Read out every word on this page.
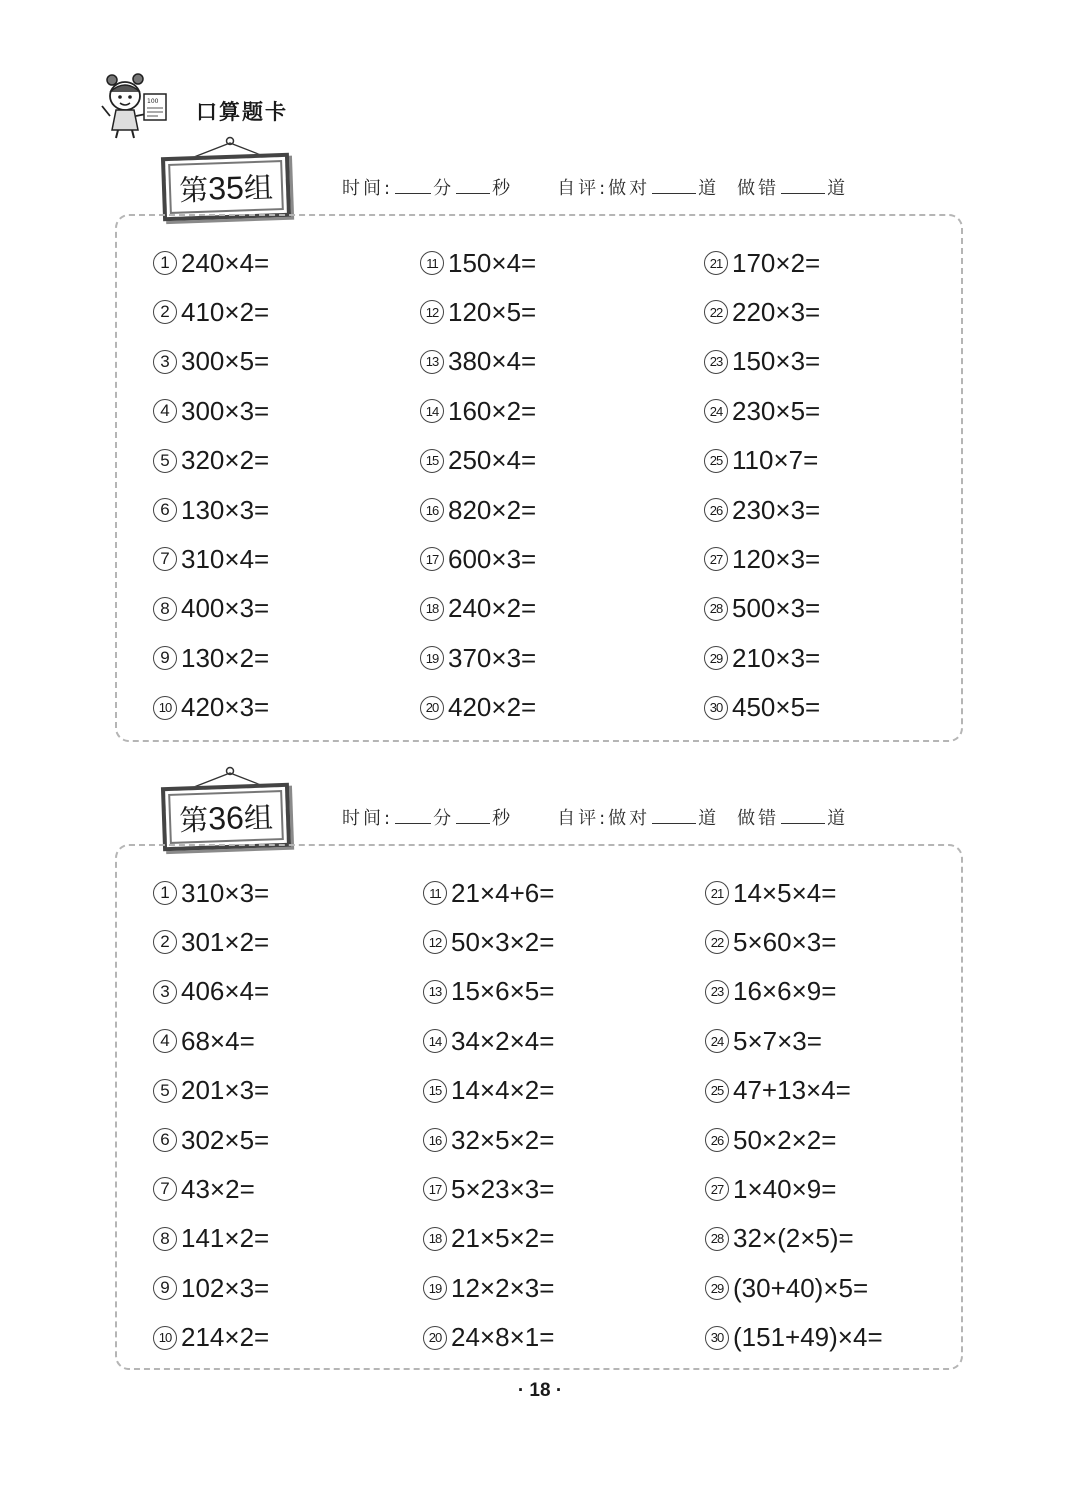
100 口算题卡
第35组	时间: 分 秒 自评:做对	道 做错	道
1 240×4=
2 410×2=
3 300×5=
4 300×3=
5 320×2=
6 130×3=
7 310×4=
8 400×3=
9 130×2=
10 420×3=
11 150×4=
12 120×5=
13 380×4=
14 160×2=
15 250×4=
16 820×2=
17 600×3=
18 240×2=
19 370×3=
20 420×2=
21 170×2=
22 220×3=
23 150×3=
24 230×5=
25 110×7=
26 230×3=
27 120×3=
28 500×3=
29 210×3=
30 450×5=
第36组	时间: 分 秒 自评:做对	道 做错	道
1 310×3=
2 301×2=
3 406×4=
4 68×4=
5 201×3=
6 302×5=
7 43×2=
8 141×2=
9 102×3=
10 214×2=
11 21×4+6=
12 50×3×2=
13 15×6×5=
14 34×2×4=
15 14×4×2=
16 32×5×2=
17 5×23×3=
18 21×5×2=
19 12×2×3=
20 24×8×1=
21 14×5×4=
22 5×60×3=
23 16×6×9=
24 5×7×3=
25 47+13×4=
26 50×2×2=
27 1×40×9=
28 32×(2×5)=
29 (30+40)×5=
30 (151+49)×4=
· 18 ·
